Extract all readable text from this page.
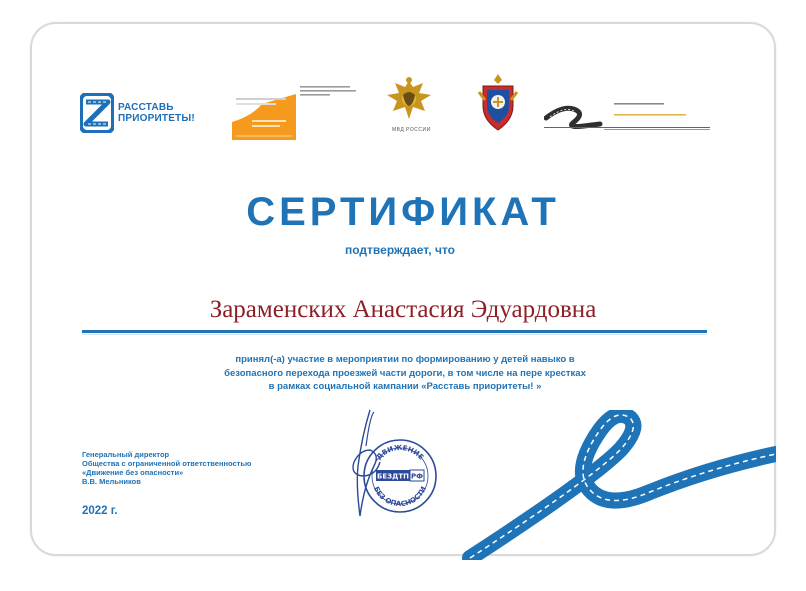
РАССТАВЬ
ПРИОРИТЕТЫ!
МВД РОССИИ
СЕРТИФИКАТ
подтверждает, что
Зараменских Анастасия Эдуардовна
принял(-а) участие в мероприятии по формированию у детей навыко в
безопасного перехода проезжей части дороги, в том числе на пере крестках
в рамках социальной кампании «Расставь приоритеты! »
Генеральный директор
Общества с ограниченной ответственностью
«Движение без опасности»
В.В. Мельников
2022 г.
ДВИЖЕНИЕ
БЕЗ ОПАСНОСТИ
БЕЗДТП РФ
